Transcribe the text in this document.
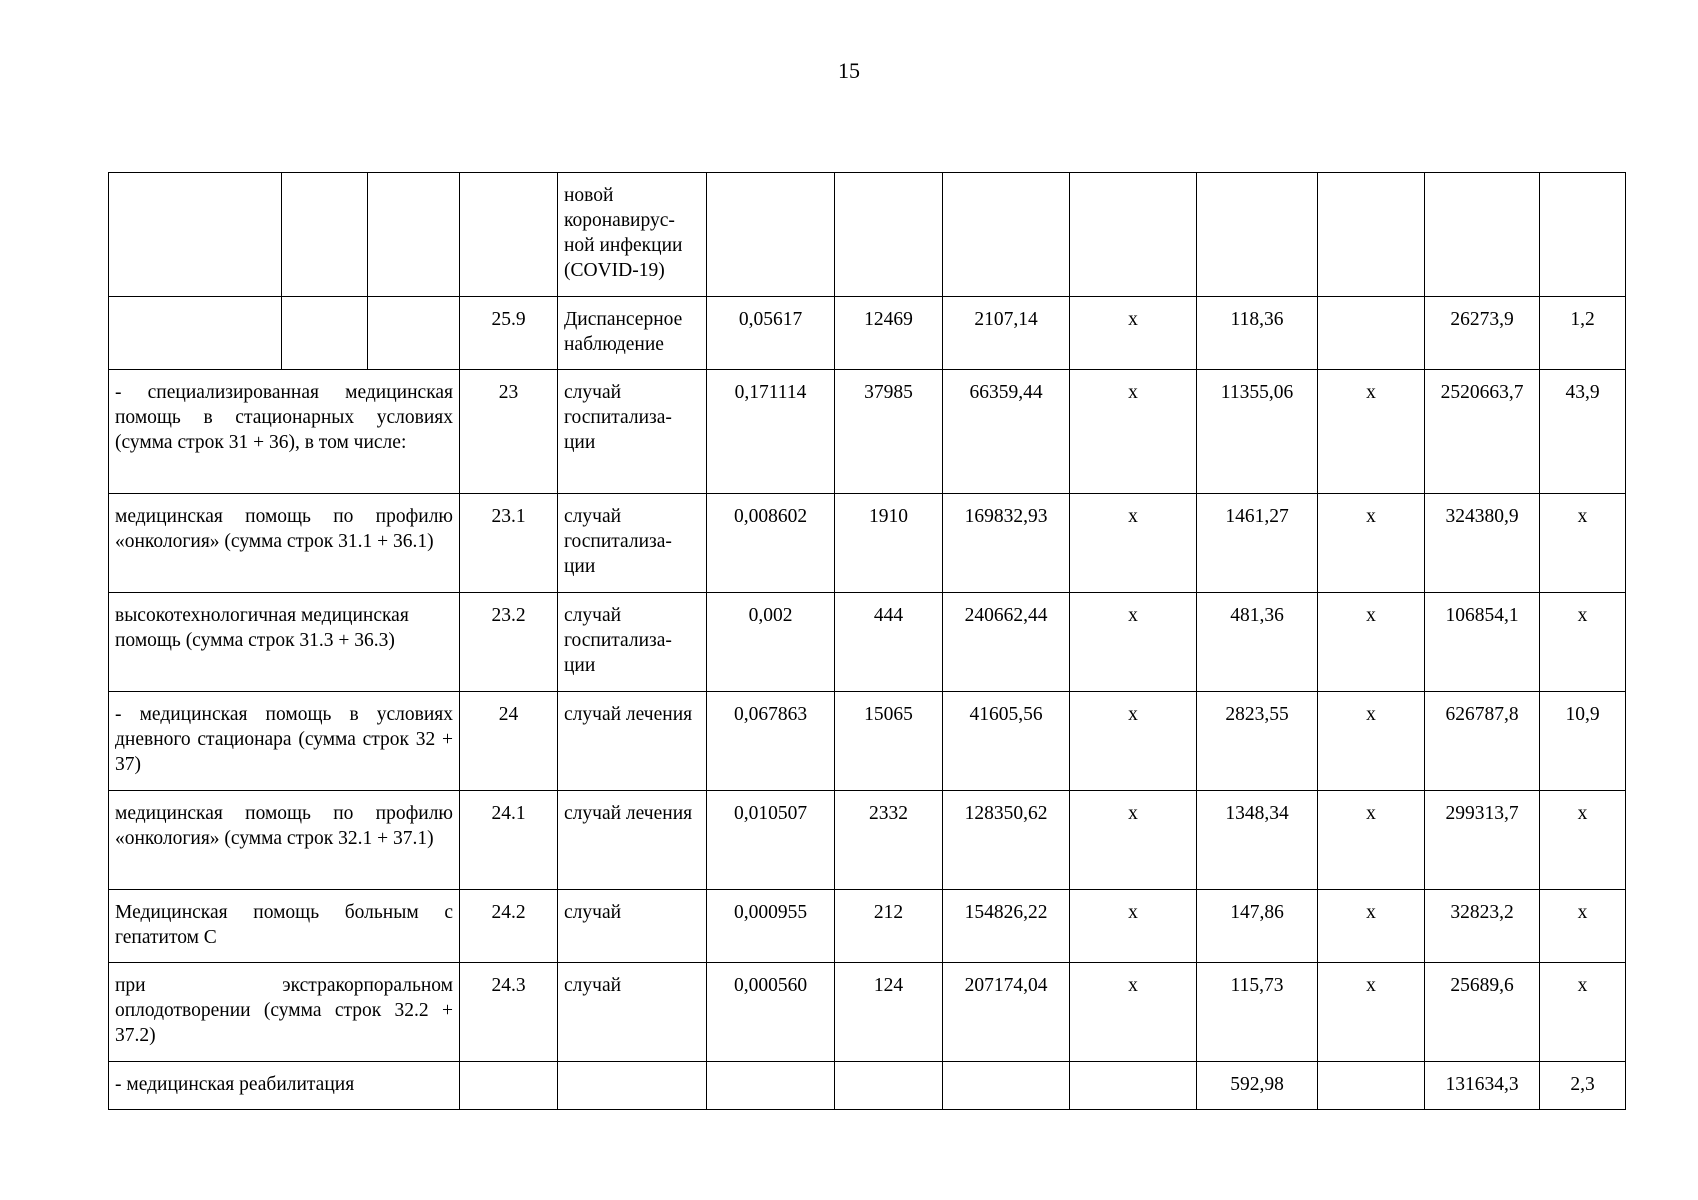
15
				новой коронавирус-ной инфекции (COVID-19)								
			25.9	Диспансерное наблюдение	0,05617	12469	2107,14	х	118,36		26273,9	1,2
- специализированная медицинская помощь в стационарных условиях (сумма строк 31 + 36), в том числе:			23	случай госпитализа-ции	0,171114	37985	66359,44	х	11355,06	х	2520663,7	43,9
медицинская помощь по профилю «онкология» (сумма строк 31.1 + 36.1)			23.1	случай госпитализа-ции	0,008602	1910	169832,93	х	1461,27	х	324380,9	х
высокотехнологичная медицинская помощь (сумма строк 31.3 + 36.3)			23.2	случай госпитализа-ции	0,002	444	240662,44	х	481,36	х	106854,1	х
- медицинская помощь в условиях дневного стационара (сумма строк 32 + 37)			24	случай лечения	0,067863	15065	41605,56	х	2823,55	х	626787,8	10,9
медицинская помощь по профилю «онкология» (сумма строк 32.1 + 37.1)			24.1	случай лечения	0,010507	2332	128350,62	х	1348,34	х	299313,7	х
Медицинская помощь больным с гепатитом С			24.2	случай	0,000955	212	154826,22	х	147,86	х	32823,2	х
при экстракорпоральном оплодотворении (сумма строк 32.2 + 37.2)			24.3	случай	0,000560	124	207174,04	х	115,73	х	25689,6	х
- медицинская реабилитация									592,98		131634,3	2,3
